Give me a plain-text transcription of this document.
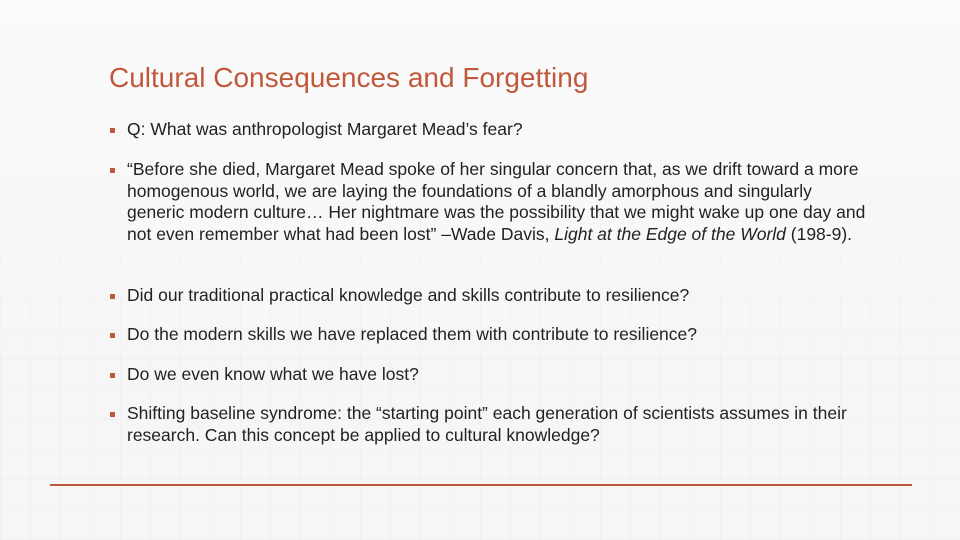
Cultural Consequences and Forgetting
Q: What was anthropologist Margaret Mead’s fear?
“Before she died, Margaret Mead spoke of her singular concern that, as we drift toward a more homogenous world, we are laying the foundations of a blandly amorphous and singularly generic modern culture… Her nightmare was the possibility that we might wake up one day and not even remember what had been lost” –Wade Davis, Light at the Edge of the World (198-9).
Did our traditional practical knowledge and skills contribute to resilience?
Do the modern skills we have replaced them with contribute to resilience?
Do we even know what we have lost?
Shifting baseline syndrome: the “starting point” each generation of scientists assumes in their research. Can this concept be applied to cultural knowledge?
